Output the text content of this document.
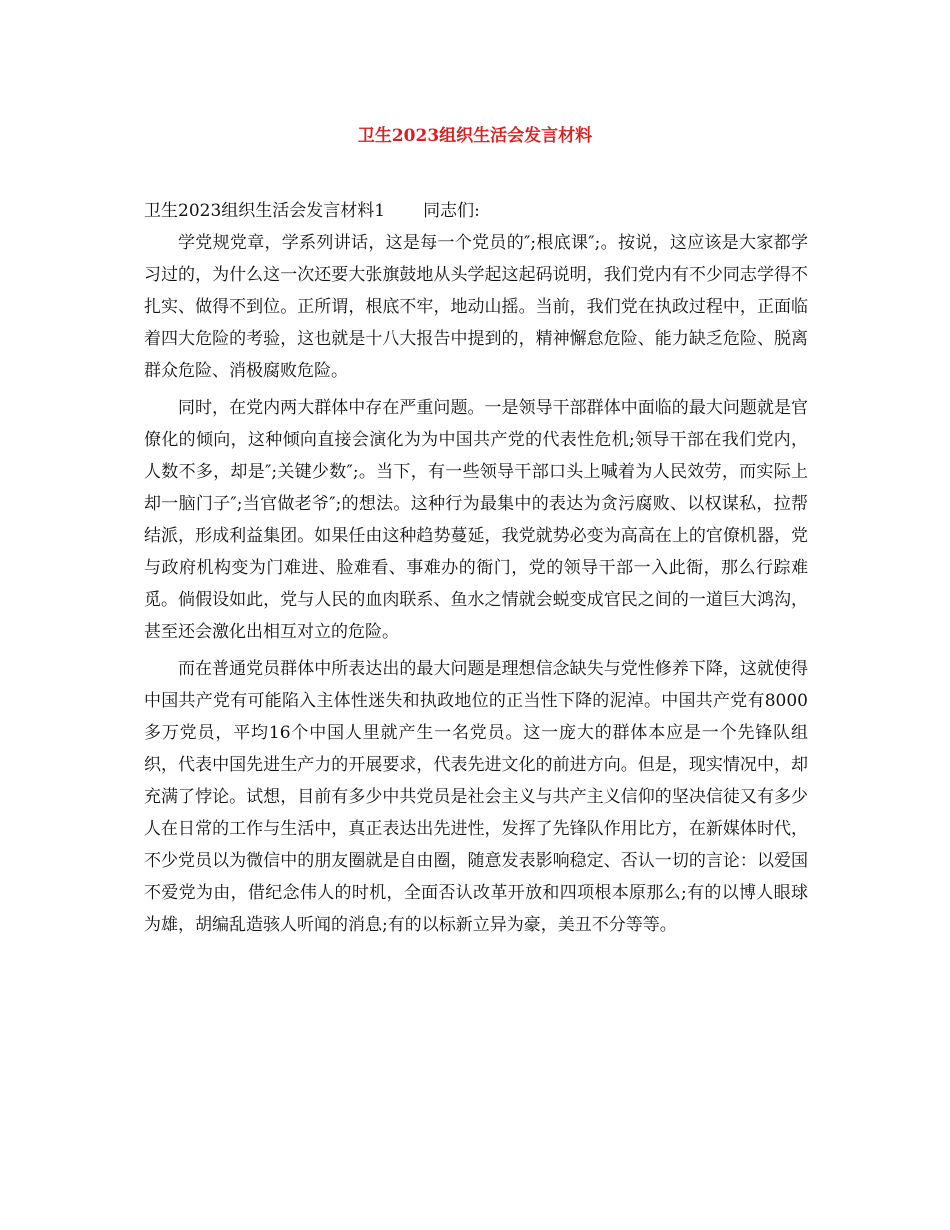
卫生2023组织生活会发言材料

卫生2023组织生活会发言材料1 同志们:

学党规党章，学系列讲话，这是每一个党员的″;根底课″;。按说，这应该是大家都学习过的，为什么这一次还要大张旗鼓地从头学起这起码说明，我们党内有不少同志学得不扎实、做得不到位。正所谓，根底不牢，地动山摇。当前，我们党在执政过程中，正面临着四大危险的考验，这也就是十八大报告中提到的，精神懈怠危险、能力缺乏危险、脱离群众危险、消极腐败危险。

同时，在党内两大群体中存在严重问题。一是领导干部群体中面临的最大问题就是官僚化的倾向，这种倾向直接会演化为为中国共产党的代表性危机;领导干部在我们党内，人数不多，却是″;关键少数″;。当下，有一些领导干部口头上喊着为人民效劳，而实际上却一脑门子″;当官做老爷″;的想法。这种行为最集中的表达为贪污腐败、以权谋私，拉帮结派，形成利益集团。如果任由这种趋势蔓延，我党就势必变为高高在上的官僚机器，党与政府机构变为门难进、脸难看、事难办的衙门，党的领导干部一入此衙，那么行踪难觅。倘假设如此，党与人民的血肉联系、鱼水之情就会蜕变成官民之间的一道巨大鸿沟，甚至还会激化出相互对立的危险。

而在普通党员群体中所表达出的最大问题是理想信念缺失与党性修养下降，这就使得中国共产党有可能陷入主体性迷失和执政地位的正当性下降的泥淖。中国共产党有8000多万党员，平均16个中国人里就产生一名党员。这一庞大的群体本应是一个先锋队组织，代表中国先进生产力的开展要求，代表先进文化的前进方向。但是，现实情况中，却充满了悖论。试想，目前有多少中共党员是社会主义与共产主义信仰的坚决信徒又有多少人在日常的工作与生活中，真正表达出先进性，发挥了先锋队作用比方，在新媒体时代，不少党员以为微信中的朋友圈就是自由圈，随意发表影响稳定、否认一切的言论：以爱国不爱党为由，借纪念伟人的时机，全面否认改革开放和四项根本原那么;有的以博人眼球为雄，胡编乱造骇人听闻的消息;有的以标新立异为豪，美丑不分等等。
